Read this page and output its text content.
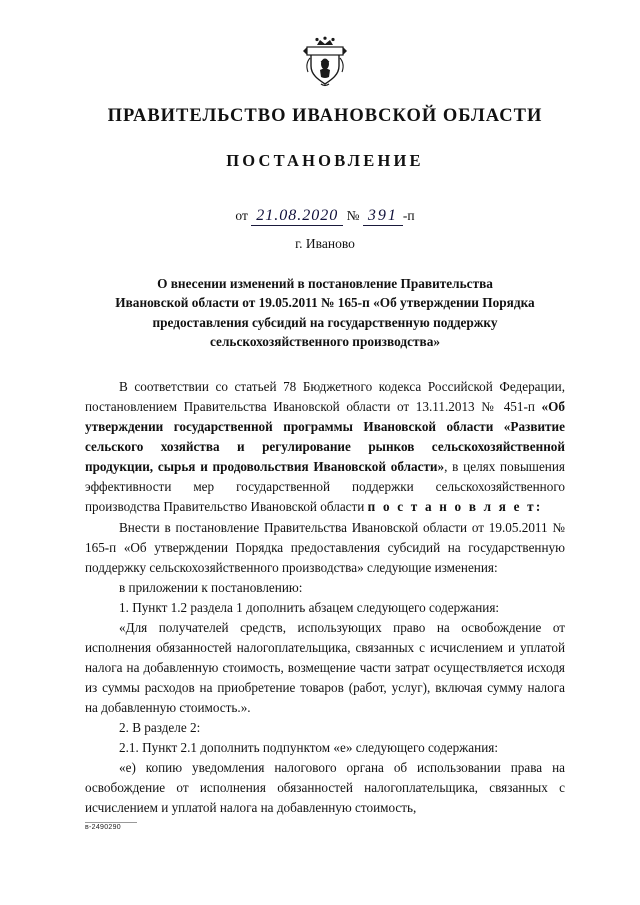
ПРАВИТЕЛЬСТВО ИВАНОВСКОЙ ОБЛАСТИ
ПОСТАНОВЛЕНИЕ
от 21.08.2020 № 391 -п
г. Иваново
О внесении изменений в постановление Правительства
Ивановской области от 19.05.2011 № 165-п «Об утверждении Порядка
предоставления субсидий на государственную поддержку
сельскохозяйственного производства»

В соответствии со статьей 78 Бюджетного кодекса Российской Федерации, постановлением Правительства Ивановской области от 13.11.2013 № 451-п «Об утверждении государственной программы Ивановской области «Развитие сельского хозяйства и регулирование рынков сельскохозяйственной продукции, сырья и продовольствия Ивановской области», в целях повышения эффективности мер государственной поддержки сельскохозяйственного производства Правительство Ивановской области п о с т а н о в л я е т:

Внести в постановление Правительства Ивановской области от 19.05.2011 № 165-п «Об утверждении Порядка предоставления субсидий на государственную поддержку сельскохозяйственного производства» следующие изменения:

в приложении к постановлению:

1. Пункт 1.2 раздела 1 дополнить абзацем следующего содержания:

«Для получателей средств, использующих право на освобождение от исполнения обязанностей налогоплательщика, связанных с исчислением и уплатой налога на добавленную стоимость, возмещение части затрат осуществляется исходя из суммы расходов на приобретение товаров (работ, услуг), включая сумму налога на добавленную стоимость.».

2. В разделе 2:

2.1. Пункт 2.1 дополнить подпунктом «е» следующего содержания:

«е) копию уведомления налогового органа об использовании права на освобождение от исполнения обязанностей налогоплательщика, связанных с исчислением и уплатой налога на добавленную стоимость,

в-2490290
